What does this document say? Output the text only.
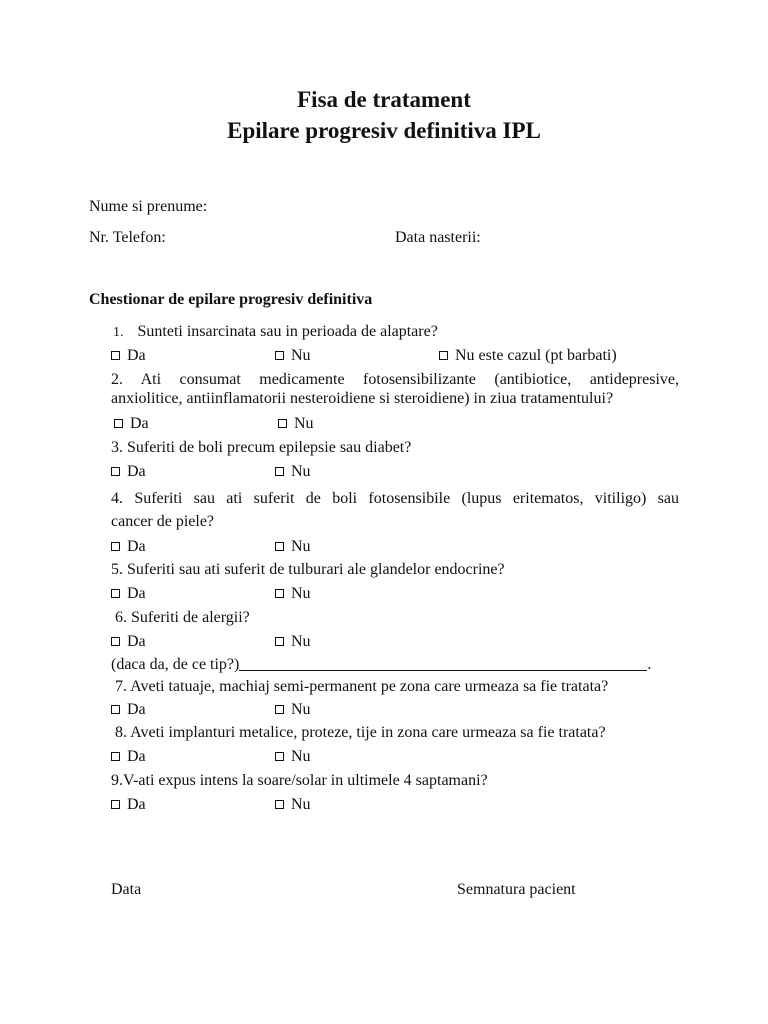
Fisa de tratament
Epilare progresiv definitiva IPL
Nume si prenume:
Nr. Telefon:	Data nasterii:
Chestionar de epilare progresiv definitiva
1. Sunteti insarcinata sau in perioada de alaptare?
Da	Nu	Nu este cazul (pt barbati)
2. Ati consumat medicamente fotosensibilizante (antibiotice, antidepresive,
anxiolitice, antiinflamatorii nesteroidiene si steroidiene) in ziua tratamentului?
Da	Nu
3. Suferiti de boli precum epilepsie sau diabet?
Da	Nu
4. Suferiti sau ati suferit de boli fotosensibile (lupus eritematos, vitiligo) sau
cancer de piele?
Da	Nu
5. Suferiti sau ati suferit de tulburari ale glandelor endocrine?
Da	Nu
6. Suferiti de alergii?
Da	Nu
(daca da, de ce tip?)	.
7. Aveti tatuaje, machiaj semi-permanent pe zona care urmeaza sa fie tratata?
Da	Nu
8. Aveti implanturi metalice, proteze, tije in zona care urmeaza sa fie tratata?
Da	Nu
9.V-ati expus intens la soare/solar in ultimele 4 saptamani?
Da	Nu
Data	Semnatura pacient
